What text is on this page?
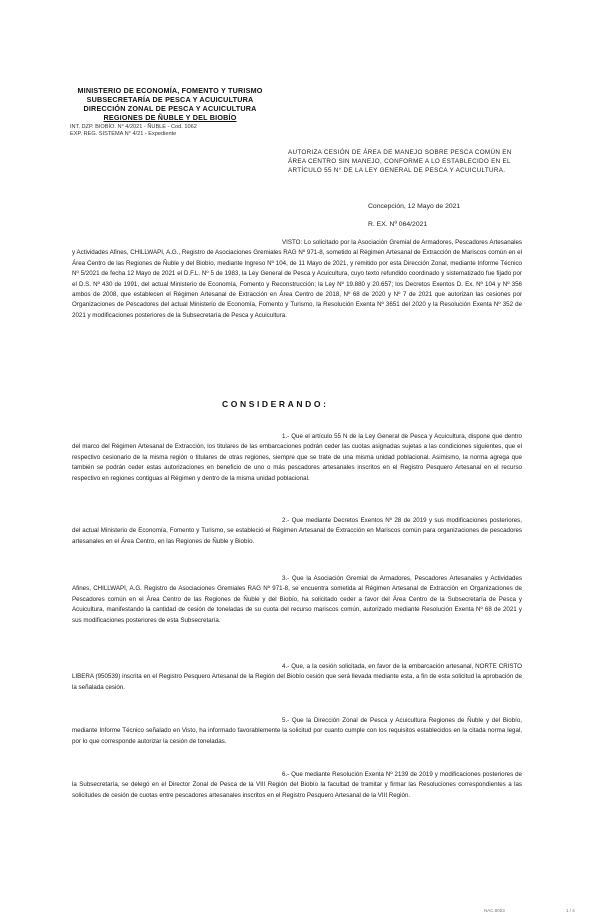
MINISTERIO DE ECONOMÍA, FOMENTO Y TURISMO
SUBSECRETARÍA DE PESCA Y ACUICULTURA
DIRECCIÓN ZONAL DE PESCA Y ACUICULTURA
REGIONES DE ÑUBLE Y DEL BIOBÍO
INT. DZP. BIOBÍO. N° 4/2021 - ÑUBLE - Cod. 1062
EXP. REG. SISTEMA N° 4/21 - Expediente
AUTORIZA CESIÓN DE ÁREA DE MANEJO SOBRE PESCA COMÚN EN ÁREA CENTRO SIN MANEJO, CONFORME A LO ESTABLECIDO EN EL ARTÍCULO 55 N° DE LA LEY GENERAL DE PESCA Y ACUICULTURA.
Concepción, 12 Mayo de 2021
R. EX. Nº 064/2021
VISTO: Lo solicitado por la Asociación Gremial de Armadores, Pescadores Artesanales y Actividades Afines, CHILLWAPI, A.G., Registro de Asociaciones Gremiales RAG Nº 971-8, sometido al Régimen Artesanal de Extracción de Mariscos común en el Área Centro de las Regiones de Ñuble y del Biobío, mediante Ingreso Nº 104, de 11 Mayo de 2021, y remitido por esta Dirección Zonal, mediante Informe Técnico Nº 5/2021 de fecha 12 Mayo de 2021 el D.F.L. Nº 5 de 1983, la Ley General de Pesca y Acuicultura, cuyo texto refundido coordinado y sistematizado fue fijado por el D.S. Nº 430 de 1991, del actual Ministerio de Economía, Fomento y Reconstrucción; la Ley Nº 19.880 y 20.657; los Decretos Exentos D. Ex. Nº 104 y Nº 356 ambos de 2008, que establecen el Régimen Artesanal de Extracción en Área Centro de 2018, Nº 68 de 2020 y Nº 7 de 2021 que autorizan las cesiones por Organizaciones de Pescadores del actual Ministerio de Economía, Fomento y Turismo, la Resolución Exenta Nº 3651 del 2020 y la Resolución Exenta Nº 352 de 2021 y modificaciones posteriores de la Subsecretaría de Pesca y Acuicultura.
CONSIDERANDO:
1.- Que el artículo 55 N de la Ley General de Pesca y Acuicultura, dispone que dentro del marco del Régimen Artesanal de Extracción, los titulares de las embarcaciones podrán ceder las cuotas asignadas sujetas a las condiciones siguientes, que el respectivo cesionario de la misma región o titulares de otras regiones, siempre que se trate de una misma unidad poblacional. Asimismo, la norma agrega que también se podrán ceder estas autorizaciones en beneficio de uno o más pescadores artesanales inscritos en el Registro Pesquero Artesanal en el recurso respectivo en regiones contiguas al Régimen y dentro de la misma unidad poblacional.
2.- Que mediante Decretos Exentos Nº 28 de 2019 y sus modificaciones posteriores, del actual Ministerio de Economía, Fomento y Turismo, se estableció el Régimen Artesanal de Extracción en Mariscos común para organizaciones de pescadores artesanales en el Área Centro, en las Regiones de Ñuble y Biobío.
3.- Que la Asociación Gremial de Armadores, Pescadores Artesanales y Actividades Afines, CHILLWAPI, A.G. Registro de Asociaciones Gremiales RAG Nº 971-8, se encuentra sometida al Régimen Artesanal de Extracción en Organizaciones de Pescadores común en el Área Centro de las Regiones de Ñuble y del Biobío, ha solicitado ceder a favor del Área Centro de la Subsecretaría de Pesca y Acuicultura, manifestando la cantidad de cesión de toneladas de su cuota del recurso mariscos común, autorizado mediante Resolución Exenta Nº 68 de 2021 y sus modificaciones posteriores de esta Subsecretaría.
4.- Que, a la cesión solicitada, en favor de la embarcación artesanal, NORTE CRISTO LIBERA (950539) inscrita en el Registro Pesquero Artesanal de la Región del Biobío cesión que será llevada mediante esta, a fin de esta solicitud la aprobación de la señalada cesión.
5.- Que la Dirección Zonal de Pesca y Acuicultura Regiones de Ñuble y del Biobío, mediante Informe Técnico señalado en Visto, ha informado favorablemente la solicitud por cuanto cumple con los requisitos establecidos en la citada norma legal, por lo que corresponde autorizar la cesión de toneladas.
6.- Que mediante Resolución Exenta Nº 2139 de 2019 y modificaciones posteriores de la Subsecretaría, se delegó en el Director Zonal de Pesca de la VIII Región del Biobío la facultad de tramitar y firmar las Resoluciones correspondientes a las solicitudes de cesión de cuotas entre pescadores artesanales inscritos en el Registro Pesquero Artesanal de la VIII Región.
NAC.8003	1 / 4
